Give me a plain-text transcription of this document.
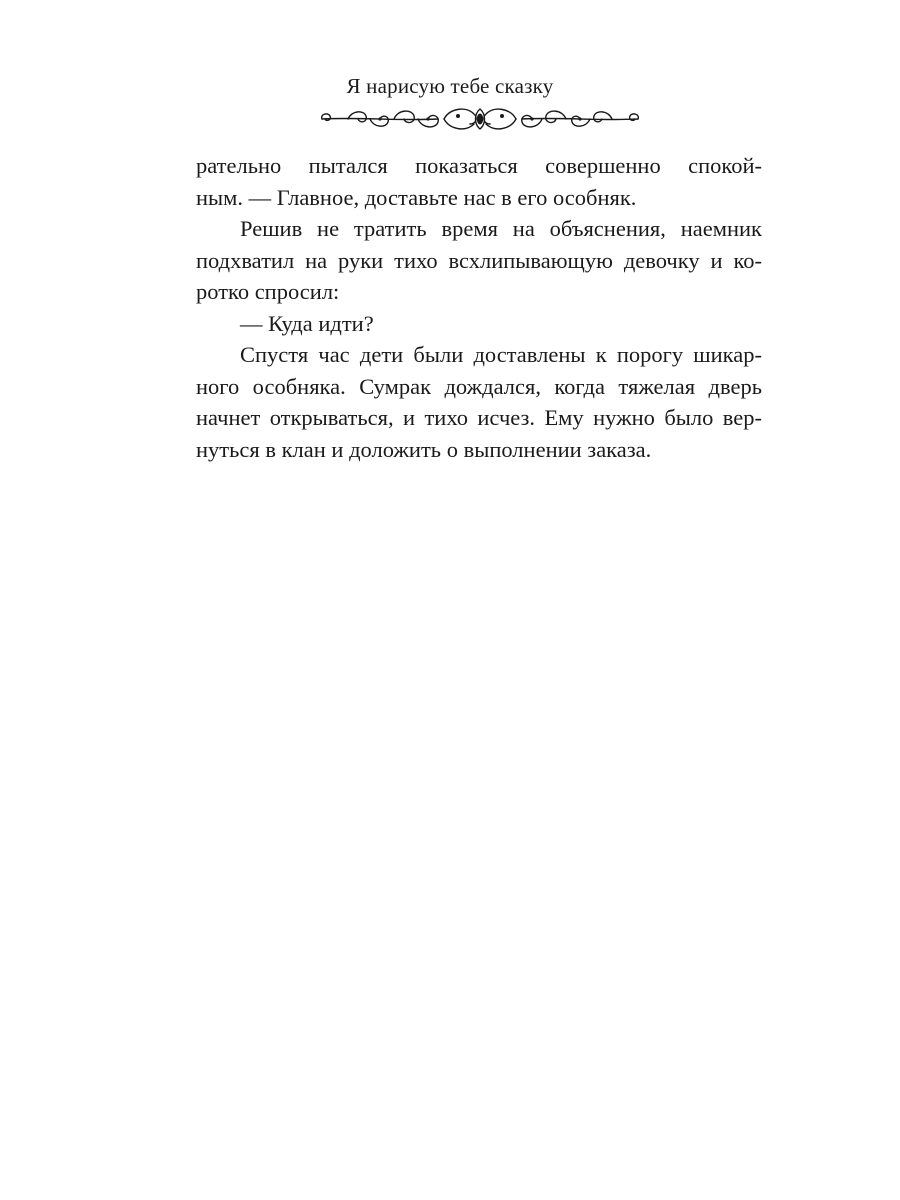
Я нарисую тебе сказку
рательно пытался показаться совершенно спокой-
ным. — Главное, доставьте нас в его особняк.
Решив не тратить время на объяснения, наемник
подхватил на руки тихо всхлипывающую девочку и ко-
ротко спросил:
— Куда идти?
Спустя час дети были доставлены к порогу шикар-
ного особняка. Сумрак дождался, когда тяжелая дверь
начнет открываться, и тихо исчез. Ему нужно было вер-
нуться в клан и доложить о выполнении заказа.
